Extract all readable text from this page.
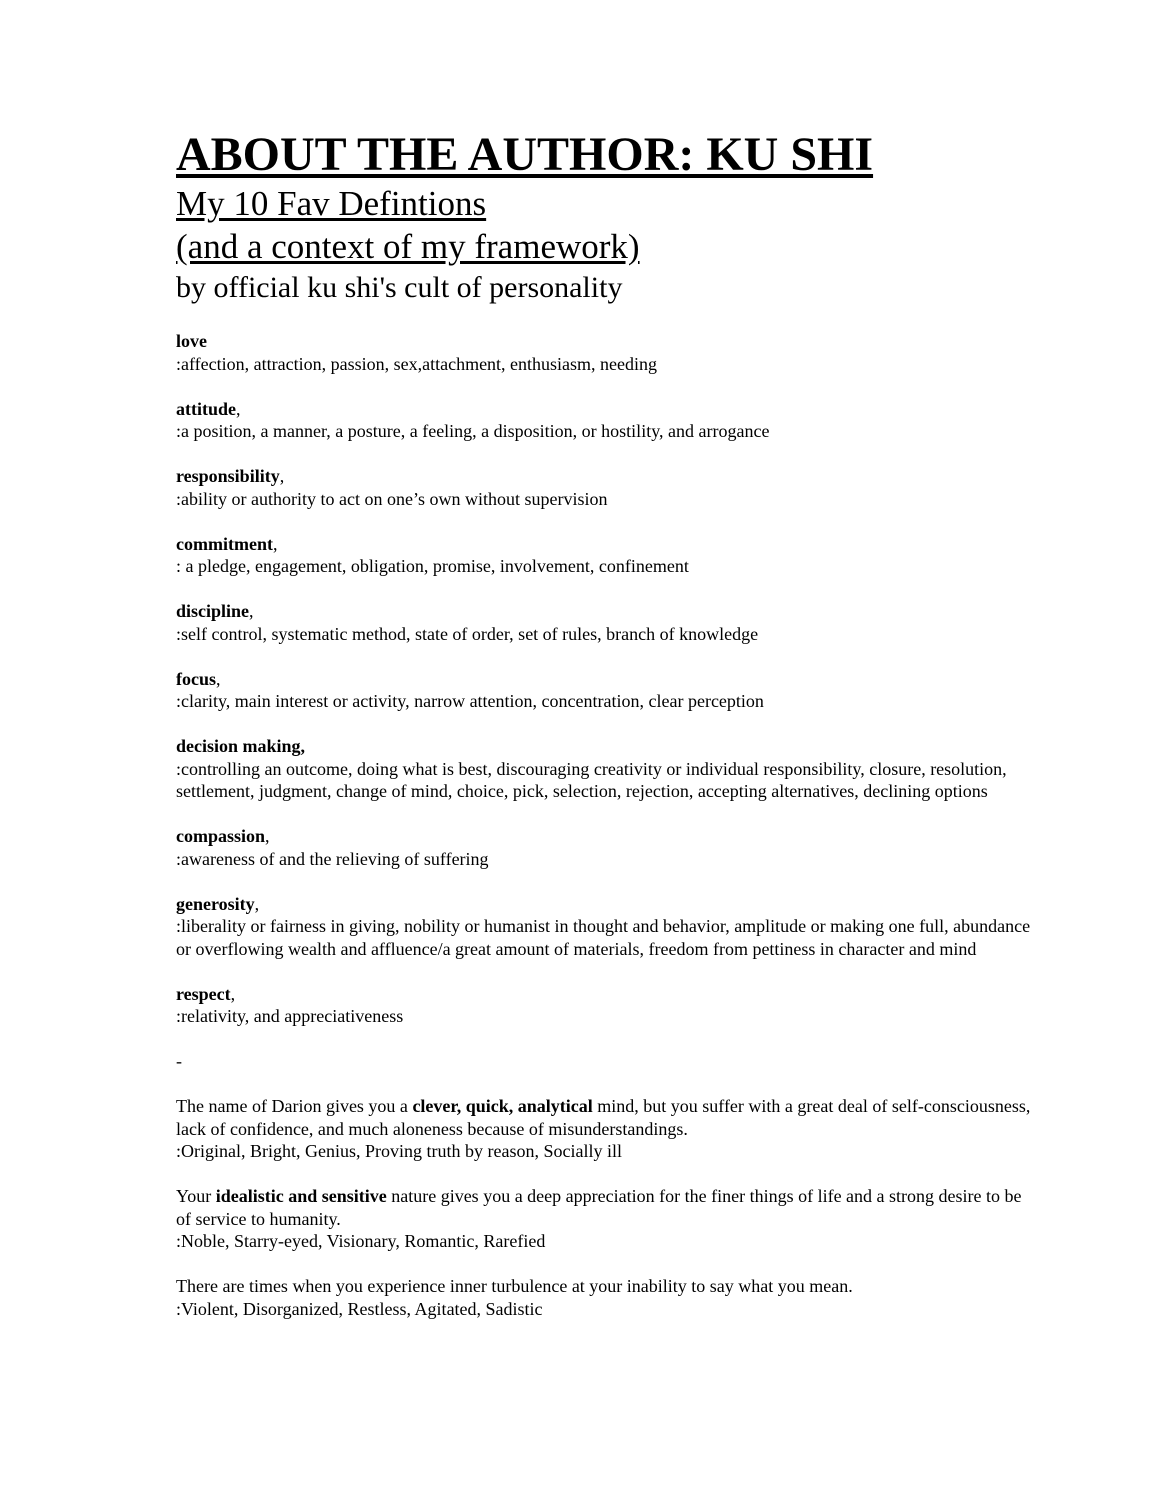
ABOUT THE AUTHOR: KU SHI
My 10 Fav Defintions
(and a context of my framework)
by official ku shi's cult of personality
love
:affection, attraction, passion, sex,attachment, enthusiasm, needing
attitude,
:a position, a manner, a posture, a feeling, a disposition, or hostility, and arrogance
responsibility,
:ability or authority to act on one’s own without supervision
commitment,
: a pledge, engagement, obligation, promise, involvement, confinement
discipline,
:self control, systematic method, state of order, set of rules, branch of knowledge
focus,
:clarity, main interest or activity, narrow attention, concentration, clear perception
decision making,
:controlling an outcome, doing what is best, discouraging creativity or individual responsibility, closure, resolution, settlement, judgment, change of mind, choice, pick, selection, rejection, accepting alternatives, declining options
compassion,
:awareness of and the relieving of suffering
generosity,
:liberality or fairness in giving, nobility or humanist in thought and behavior, amplitude or making one full, abundance or overflowing wealth and affluence/a great amount of materials, freedom from pettiness in character and mind
respect,
:relativity, and appreciativeness
-
The name of Darion gives you a clever, quick, analytical mind, but you suffer with a great deal of self-consciousness, lack of confidence, and much aloneness because of misunderstandings.
:Original, Bright, Genius, Proving truth by reason, Socially ill
Your idealistic and sensitive nature gives you a deep appreciation for the finer things of life and a strong desire to be of service to humanity.
:Noble, Starry-eyed, Visionary, Romantic, Rarefied
There are times when you experience inner turbulence at your inability to say what you mean.
:Violent, Disorganized, Restless, Agitated, Sadistic
